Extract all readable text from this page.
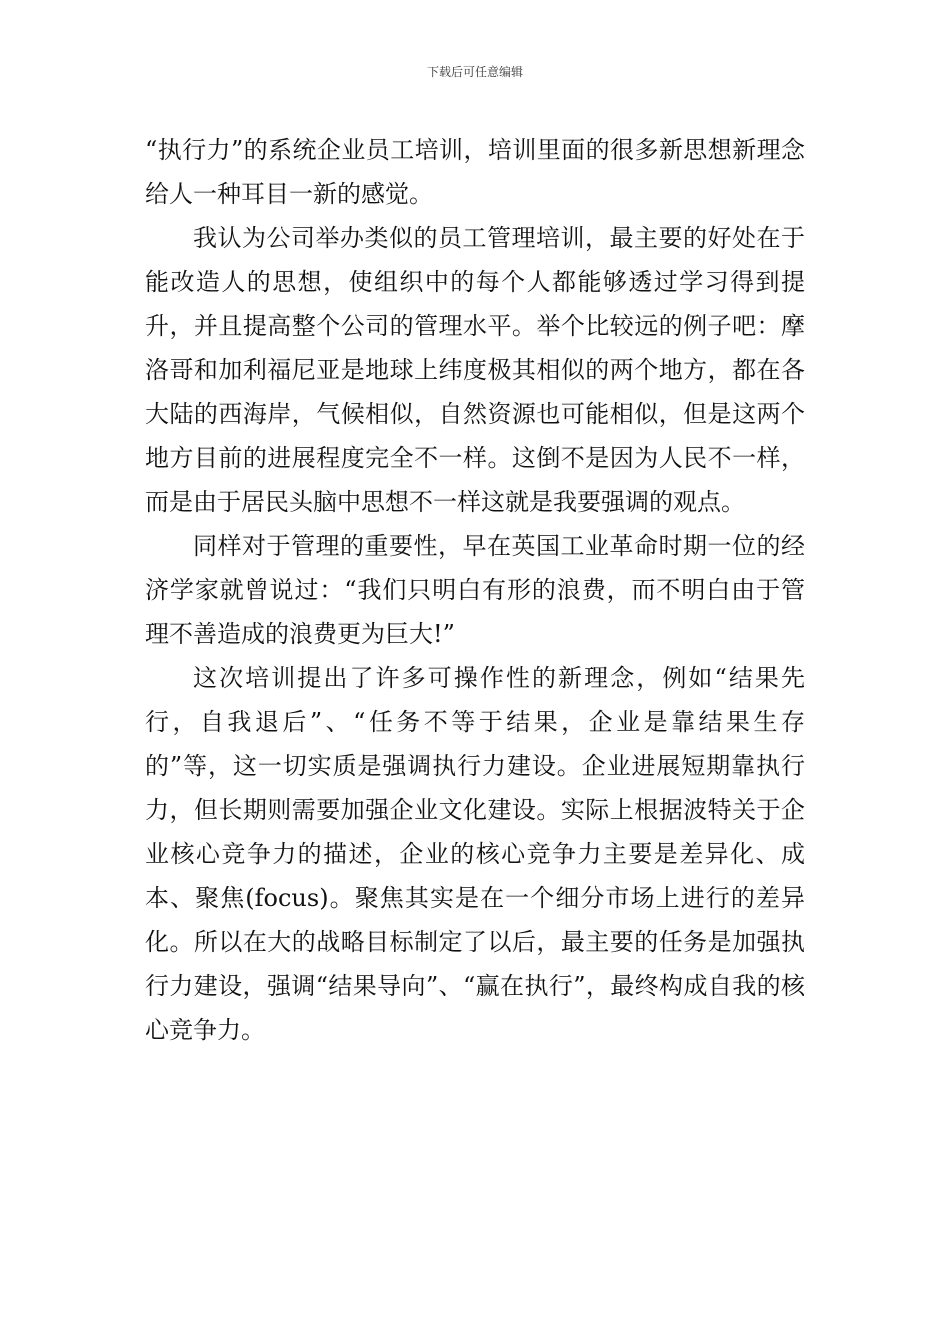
下载后可任意编辑

“执行力”的系统企业员工培训，培训里面的很多新思想新理念给人一种耳目一新的感觉。

我认为公司举办类似的员工管理培训，最主要的好处在于能改造人的思想，使组织中的每个人都能够透过学习得到提升，并且提高整个公司的管理水平。举个比较远的例子吧：摩洛哥和加利福尼亚是地球上纬度极其相似的两个地方，都在各大陆的西海岸，气候相似，自然资源也可能相似，但是这两个地方目前的进展程度完全不一样。这倒不是因为人民不一样，而是由于居民头脑中思想不一样这就是我要强调的观点。

同样对于管理的重要性，早在英国工业革命时期一位的经济学家就曾说过：“我们只明白有形的浪费，而不明白由于管理不善造成的浪费更为巨大!”

这次培训提出了许多可操作性的新理念，例如“结果先行，自我退后”、“任务不等于结果，企业是靠结果生存的”等，这一切实质是强调执行力建设。企业进展短期靠执行力，但长期则需要加强企业文化建设。实际上根据波特关于企业核心竞争力的描述，企业的核心竞争力主要是差异化、成本、聚焦(focus)。聚焦其实是在一个细分市场上进行的差异化。所以在大的战略目标制定了以后，最主要的任务是加强执行力建设，强调“结果导向”、“赢在执行”，最终构成自我的核心竞争力。
